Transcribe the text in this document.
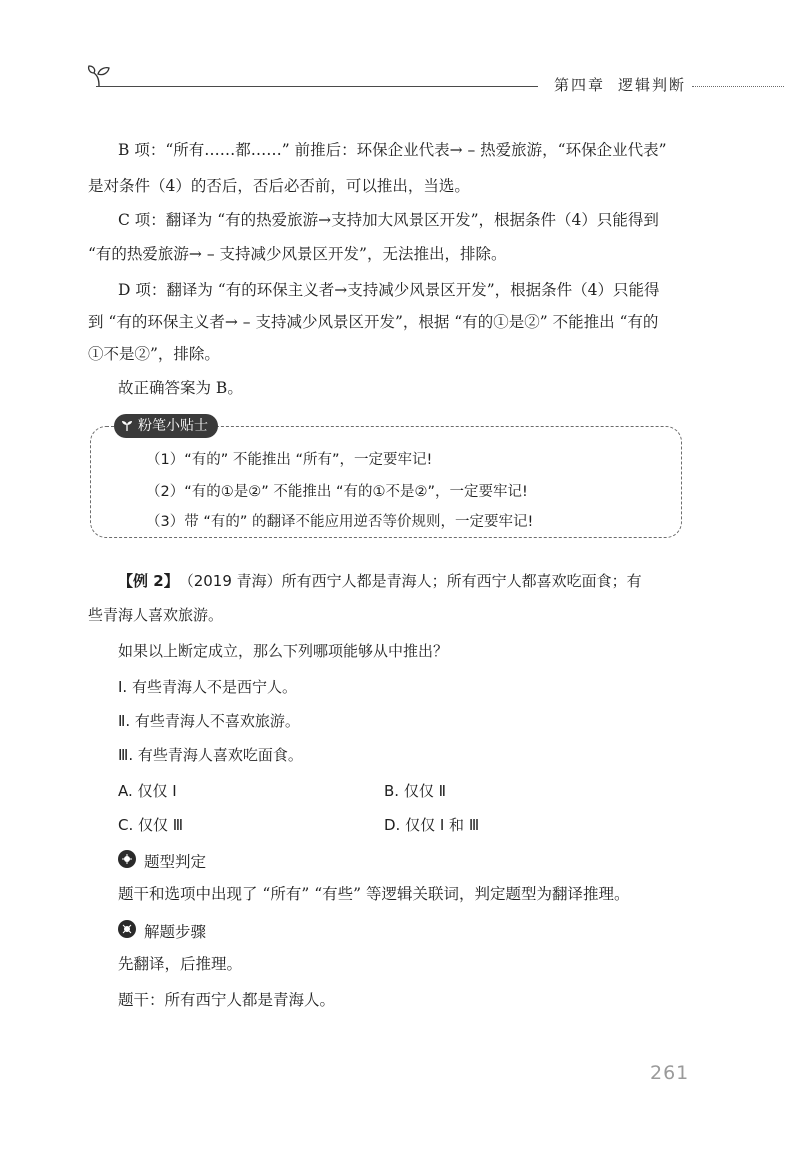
第四章 逻辑判断
B 项：“所有……都……” 前推后：环保企业代表→ – 热爱旅游，“环保企业代表”
是对条件（4）的否后，否后必否前，可以推出，当选。
C 项：翻译为 “有的热爱旅游→支持加大风景区开发”，根据条件（4）只能得到
“有的热爱旅游→ – 支持减少风景区开发”，无法推出，排除。
D 项：翻译为 “有的环保主义者→支持减少风景区开发”，根据条件（4）只能得
到 “有的环保主义者→ – 支持减少风景区开发”，根据 “有的①是②” 不能推出 “有的
①不是②”，排除。
故正确答案为 B。
粉笔小贴士
（1）“有的” 不能推出 “所有”，一定要牢记!
（2）“有的①是②” 不能推出 “有的①不是②”，一定要牢记!
（3）带 “有的” 的翻译不能应用逆否等价规则，一定要牢记!
【例 2】（2019 青海）所有西宁人都是青海人；所有西宁人都喜欢吃面食；有
些青海人喜欢旅游。
如果以上断定成立，那么下列哪项能够从中推出？
Ⅰ. 有些青海人不是西宁人。
Ⅱ. 有些青海人不喜欢旅游。
Ⅲ. 有些青海人喜欢吃面食。
A. 仅仅 Ⅰ	B. 仅仅 Ⅱ
C. 仅仅 Ⅲ	D. 仅仅 Ⅰ 和 Ⅲ
题型判定
题干和选项中出现了 “所有” “有些” 等逻辑关联词，判定题型为翻译推理。
解题步骤
先翻译，后推理。
题干：所有西宁人都是青海人。
261
